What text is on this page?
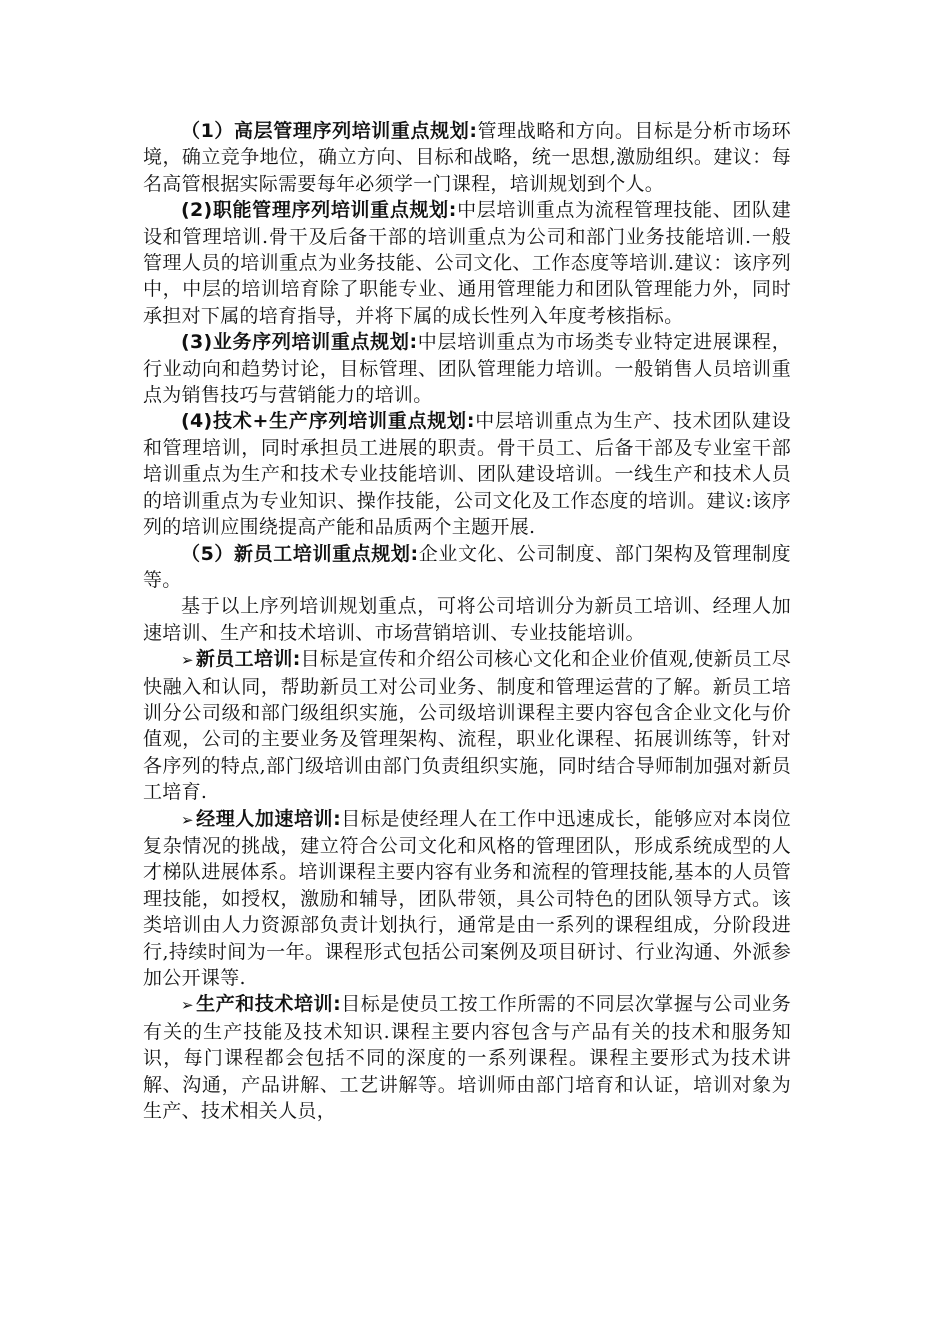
（1）高层管理序列培训重点规划:管理战略和方向。目标是分析市场环境，确立竞争地位，确立方向、目标和战略，统一思想,激励组织。建议：每名高管根据实际需要每年必须学一门课程，培训规划到个人。

(2)职能管理序列培训重点规划:中层培训重点为流程管理技能、团队建设和管理培训.骨干及后备干部的培训重点为公司和部门业务技能培训.一般管理人员的培训重点为业务技能、公司文化、工作态度等培训.建议：该序列中，中层的培训培育除了职能专业、通用管理能力和团队管理能力外，同时承担对下属的培育指导，并将下属的成长性列入年度考核指标。

(3)业务序列培训重点规划:中层培训重点为市场类专业特定进展课程，行业动向和趋势讨论，目标管理、团队管理能力培训。一般销售人员培训重点为销售技巧与营销能力的培训。

(4)技术+生产序列培训重点规划:中层培训重点为生产、技术团队建设和管理培训，同时承担员工进展的职责。骨干员工、后备干部及专业室干部培训重点为生产和技术专业技能培训、团队建设培训。一线生产和技术人员的培训重点为专业知识、操作技能，公司文化及工作态度的培训。建议:该序列的培训应围绕提高产能和品质两个主题开展.

（5）新员工培训重点规划:企业文化、公司制度、部门架构及管理制度等。

基于以上序列培训规划重点，可将公司培训分为新员工培训、经理人加速培训、生产和技术培训、市场营销培训、专业技能培训。

➢ 新员工培训:目标是宣传和介绍公司核心文化和企业价值观,使新员工尽快融入和认同，帮助新员工对公司业务、制度和管理运营的了解。新员工培训分公司级和部门级组织实施，公司级培训课程主要内容包含企业文化与价值观，公司的主要业务及管理架构、流程，职业化课程、拓展训练等，针对各序列的特点,部门级培训由部门负责组织实施，同时结合导师制加强对新员工培育.

➢ 经理人加速培训:目标是使经理人在工作中迅速成长，能够应对本岗位复杂情况的挑战，建立符合公司文化和风格的管理团队，形成系统成型的人才梯队进展体系。培训课程主要内容有业务和流程的管理技能,基本的人员管理技能，如授权，激励和辅导，团队带领，具公司特色的团队领导方式。该类培训由人力资源部负责计划执行，通常是由一系列的课程组成，分阶段进行,持续时间为一年。课程形式包括公司案例及项目研讨、行业沟通、外派参加公开课等.

➢ 生产和技术培训:目标是使员工按工作所需的不同层次掌握与公司业务有关的生产技能及技术知识.课程主要内容包含与产品有关的技术和服务知识，每门课程都会包括不同的深度的一系列课程。课程主要形式为技术讲解、沟通，产品讲解、工艺讲解等。培训师由部门培育和认证，培训对象为生产、技术相关人员，
